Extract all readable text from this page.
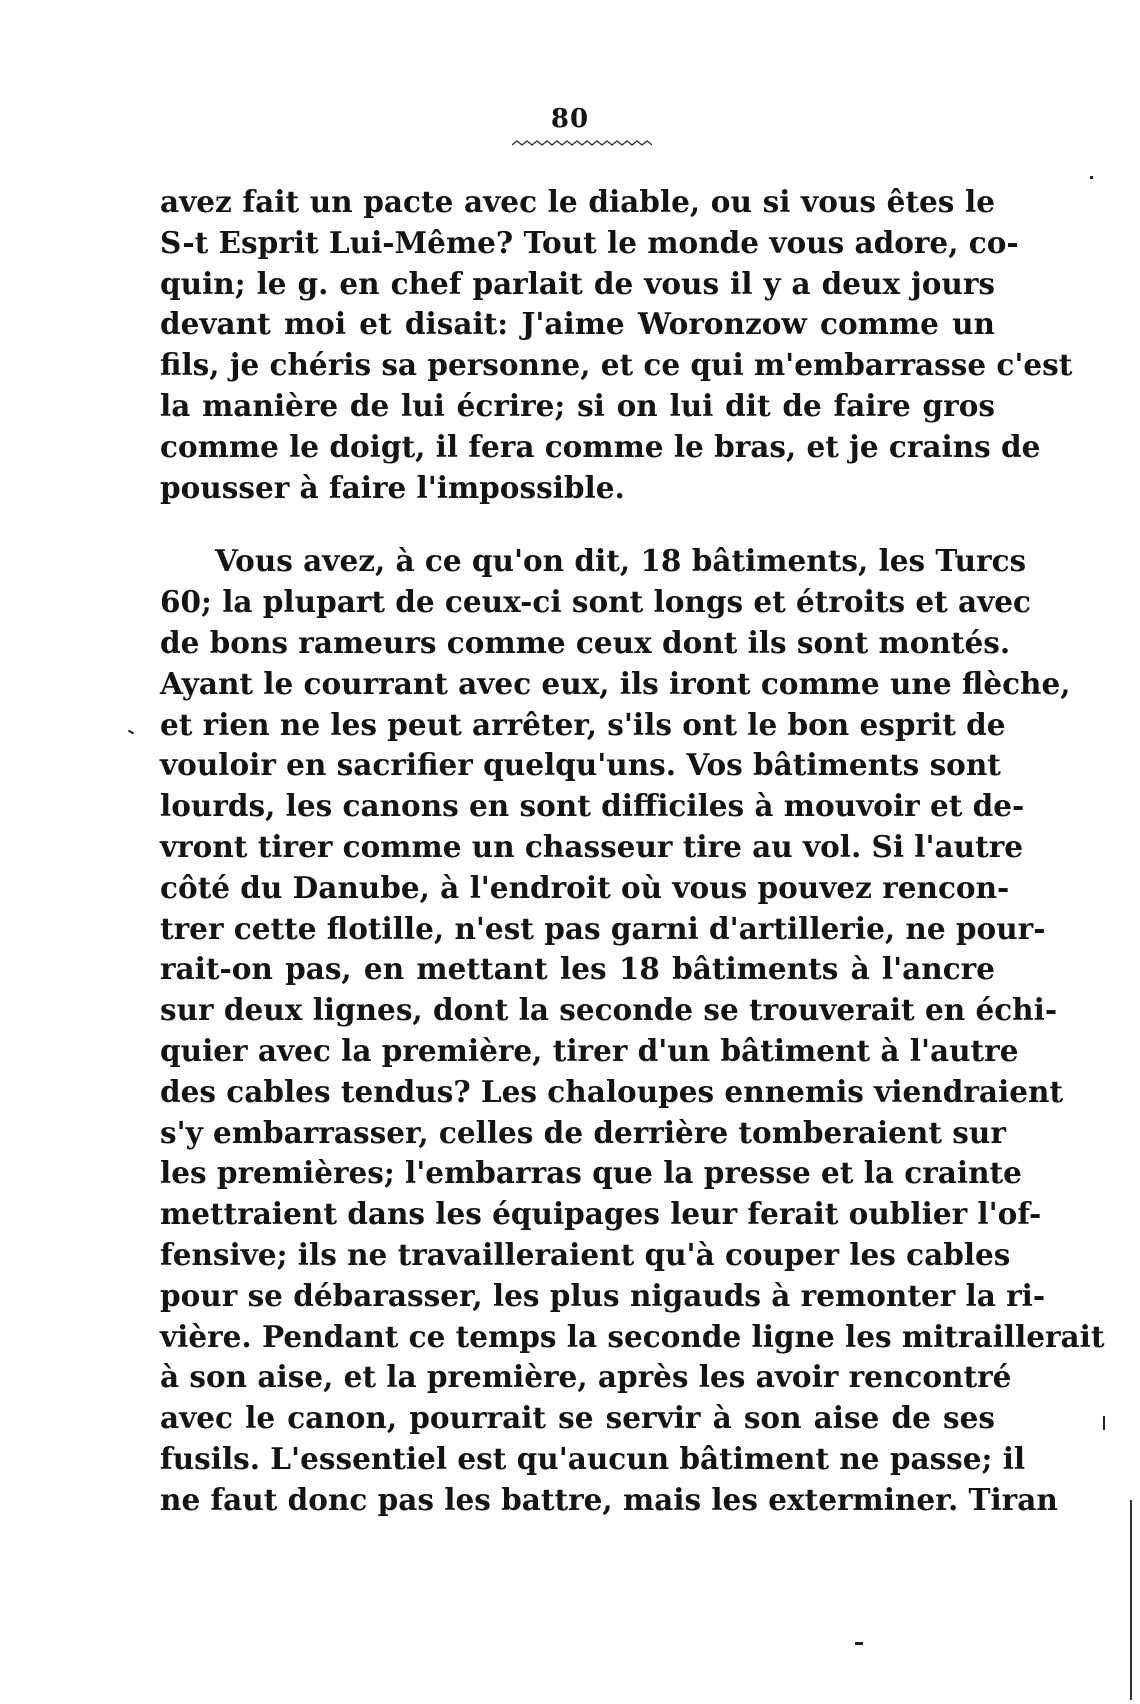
80
avez fait un pacte avec le diable, ou si vous êtes le
S-t Esprit Lui-Même? Tout le monde vous adore, co-
quin; le g. en chef parlait de vous il y a deux jours
devant moi et disait: J'aime Woronzow comme un
fils, je chéris sa personne, et ce qui m'embarrasse c'est
la manière de lui écrire; si on lui dit de faire gros
comme le doigt, il fera comme le bras, et je crains de
pousser à faire l'impossible.
Vous avez, à ce qu'on dit, 18 bâtiments, les Turcs
60; la plupart de ceux-ci sont longs et étroits et avec
de bons rameurs comme ceux dont ils sont montés.
Ayant le courrant avec eux, ils iront comme une flèche,
et rien ne les peut arrêter, s'ils ont le bon esprit de
vouloir en sacrifier quelqu'uns. Vos bâtiments sont
lourds, les canons en sont difficiles à mouvoir et de-
vront tirer comme un chasseur tire au vol. Si l'autre
côté du Danube, à l'endroit où vous pouvez rencon-
trer cette flotille, n'est pas garni d'artillerie, ne pour-
rait-on pas, en mettant les 18 bâtiments à l'ancre
sur deux lignes, dont la seconde se trouverait en échi-
quier avec la première, tirer d'un bâtiment à l'autre
des cables tendus? Les chaloupes ennemis viendraient
s'y embarrasser, celles de derrière tomberaient sur
les premières; l'embarras que la presse et la crainte
mettraient dans les équipages leur ferait oublier l'of-
fensive; ils ne travailleraient qu'à couper les cables
pour se débarasser, les plus nigauds à remonter la ri-
vière. Pendant ce temps la seconde ligne les mitraillerait
à son aise, et la première, après les avoir rencontré
avec le canon, pourrait se servir à son aise de ses
fusils. L'essentiel est qu'aucun bâtiment ne passe; il
ne faut donc pas les battre, mais les exterminer. Tiran
